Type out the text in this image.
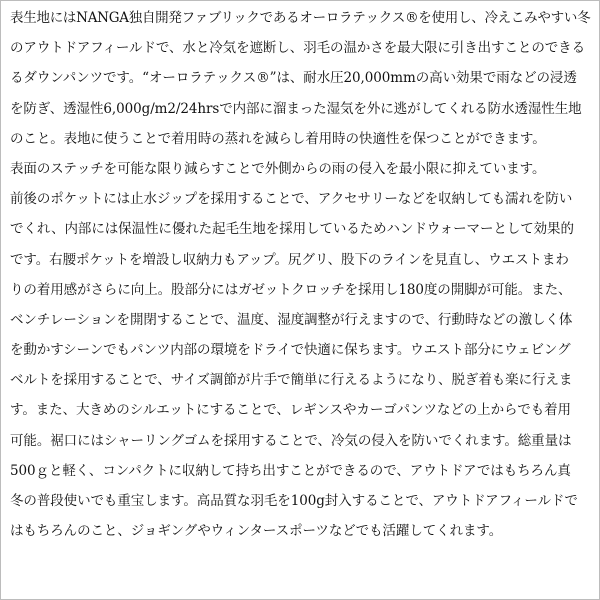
表生地にはNANGA独自開発ファブリックであるオーロラテックス®を使用し、冷えこみやすい冬
のアウトドアフィールドで、水と冷気を遮断し、羽毛の温かさを最大限に引き出すことのできる
るダウンパンツです。“オーロラテックス®”は、耐水圧20,000mmの高い効果で雨などの浸透
を防ぎ、透湿性6,000g/m2/24hrsで内部に溜まった湿気を外に逃がしてくれる防水透湿性生地
のこと。表地に使うことで着用時の蒸れを減らし着用時の快適性を保つことができます。
表面のステッチを可能な限り減らすことで外側からの雨の侵入を最小限に抑えています。
前後のポケットには止水ジップを採用することで、アクセサリーなどを収納しても濡れを防い
でくれ、内部には保温性に優れた起毛生地を採用しているためハンドウォーマーとして効果的
です。右腰ポケットを増設し収納力もアップ。尻グリ、股下のラインを見直し、ウエストまわ
りの着用感がさらに向上。股部分にはガゼットクロッチを採用し180度の開脚が可能。また、
ベンチレーションを開閉することで、温度、湿度調整が行えますので、行動時などの激しく体
を動かすシーンでもパンツ内部の環境をドライで快適に保ちます。ウエスト部分にウェビング
ベルトを採用することで、サイズ調節が片手で簡単に行えるようになり、脱ぎ着も楽に行えま
す。また、大きめのシルエットにすることで、レギンスやカーゴパンツなどの上からでも着用
可能。裾口にはシャーリングゴムを採用することで、冷気の侵入を防いでくれます。総重量は
500ｇと軽く、コンパクトに収納して持ち出すことができるので、アウトドアではもちろん真
冬の普段使いでも重宝します。高品質な羽毛を100g封入することで、アウトドアフィールドで
はもちろんのこと、ジョギングやウィンタースポーツなどでも活躍してくれます。
